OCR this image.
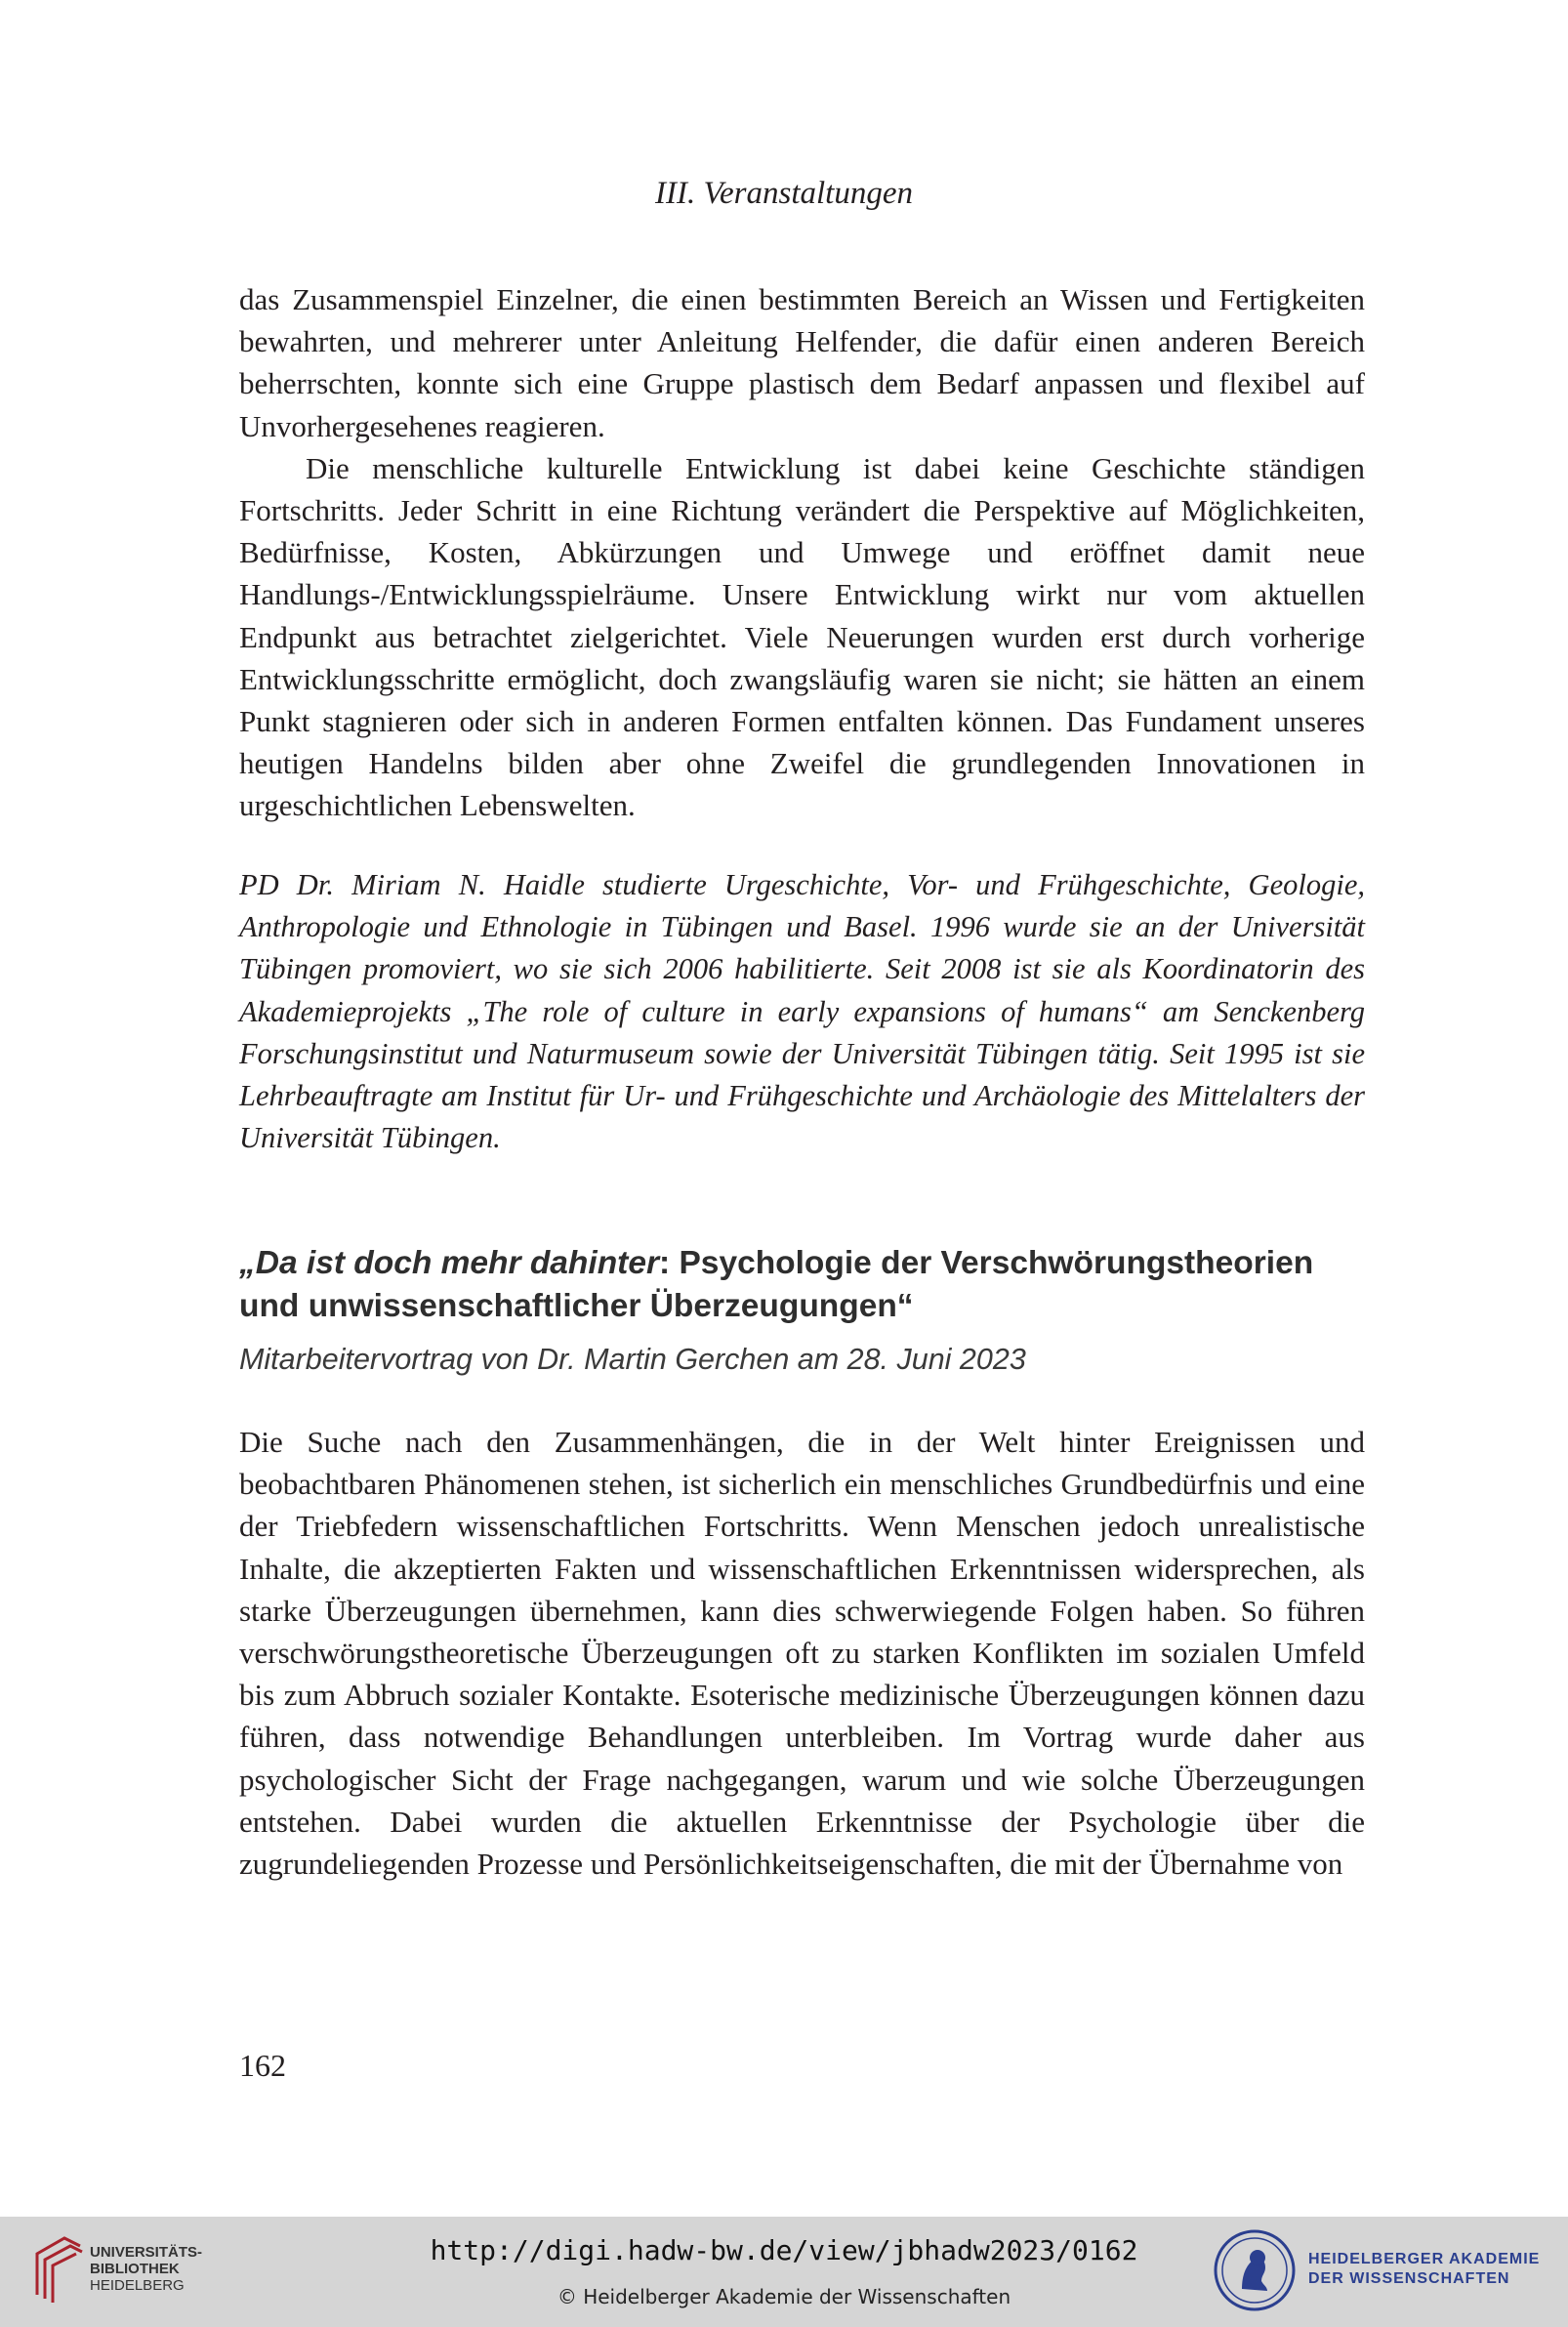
III. Veranstaltungen

das Zusammenspiel Einzelner, die einen bestimmten Bereich an Wissen und Fertigkeiten bewahrten, und mehrerer unter Anleitung Helfender, die dafür einen anderen Bereich beherrschten, konnte sich eine Gruppe plastisch dem Bedarf anpassen und flexibel auf Unvorhergesehenes reagieren.

Die menschliche kulturelle Entwicklung ist dabei keine Geschichte ständigen Fortschritts. Jeder Schritt in eine Richtung verändert die Perspektive auf Möglichkeiten, Bedürfnisse, Kosten, Abkürzungen und Umwege und eröffnet damit neue Handlungs-/Entwicklungsspielräume. Unsere Entwicklung wirkt nur vom aktuellen Endpunkt aus betrachtet zielgerichtet. Viele Neuerungen wurden erst durch vorherige Entwicklungsschritte ermöglicht, doch zwangsläufig waren sie nicht; sie hätten an einem Punkt stagnieren oder sich in anderen Formen entfalten können. Das Fundament unseres heutigen Handelns bilden aber ohne Zweifel die grundlegenden Innovationen in urgeschichtlichen Lebenswelten.

PD Dr. Miriam N. Haidle studierte Urgeschichte, Vor- und Frühgeschichte, Geologie, Anthropologie und Ethnologie in Tübingen und Basel. 1996 wurde sie an der Universität Tübingen promoviert, wo sie sich 2006 habilitierte. Seit 2008 ist sie als Koordinatorin des Akademieprojekts „The role of culture in early expansions of humans“ am Senckenberg Forschungsinstitut und Naturmuseum sowie der Universität Tübingen tätig. Seit 1995 ist sie Lehrbeauftragte am Institut für Ur- und Frühgeschichte und Archäologie des Mittelalters der Universität Tübingen.

„Da ist doch mehr dahinter: Psychologie der Verschwörungstheorien und unwissenschaftlicher Überzeugungen“

Mitarbeitervortrag von Dr. Martin Gerchen am 28. Juni 2023

Die Suche nach den Zusammenhängen, die in der Welt hinter Ereignissen und beobachtbaren Phänomenen stehen, ist sicherlich ein menschliches Grundbedürfnis und eine der Triebfedern wissenschaftlichen Fortschritts. Wenn Menschen jedoch unrealistische Inhalte, die akzeptierten Fakten und wissenschaftlichen Erkenntnissen widersprechen, als starke Überzeugungen übernehmen, kann dies schwerwiegende Folgen haben. So führen verschwörungstheoretische Überzeugungen oft zu starken Konflikten im sozialen Umfeld bis zum Abbruch sozialer Kontakte. Esoterische medizinische Überzeugungen können dazu führen, dass notwendige Behandlungen unterbleiben. Im Vortrag wurde daher aus psychologischer Sicht der Frage nachgegangen, warum und wie solche Überzeugungen entstehen. Dabei wurden die aktuellen Erkenntnisse der Psychologie über die zugrundeliegenden Prozesse und Persönlichkeitseigenschaften, die mit der Übernahme von

162
UNIVERSITÄTS-
BIBLIOTHEK
HEIDELBERG
http://digi.hadw-bw.de/view/jbhadw2023/0162
© Heidelberger Akademie der Wissenschaften
HEIDELBERGER AKADEMIE
DER WISSENSCHAFTEN
